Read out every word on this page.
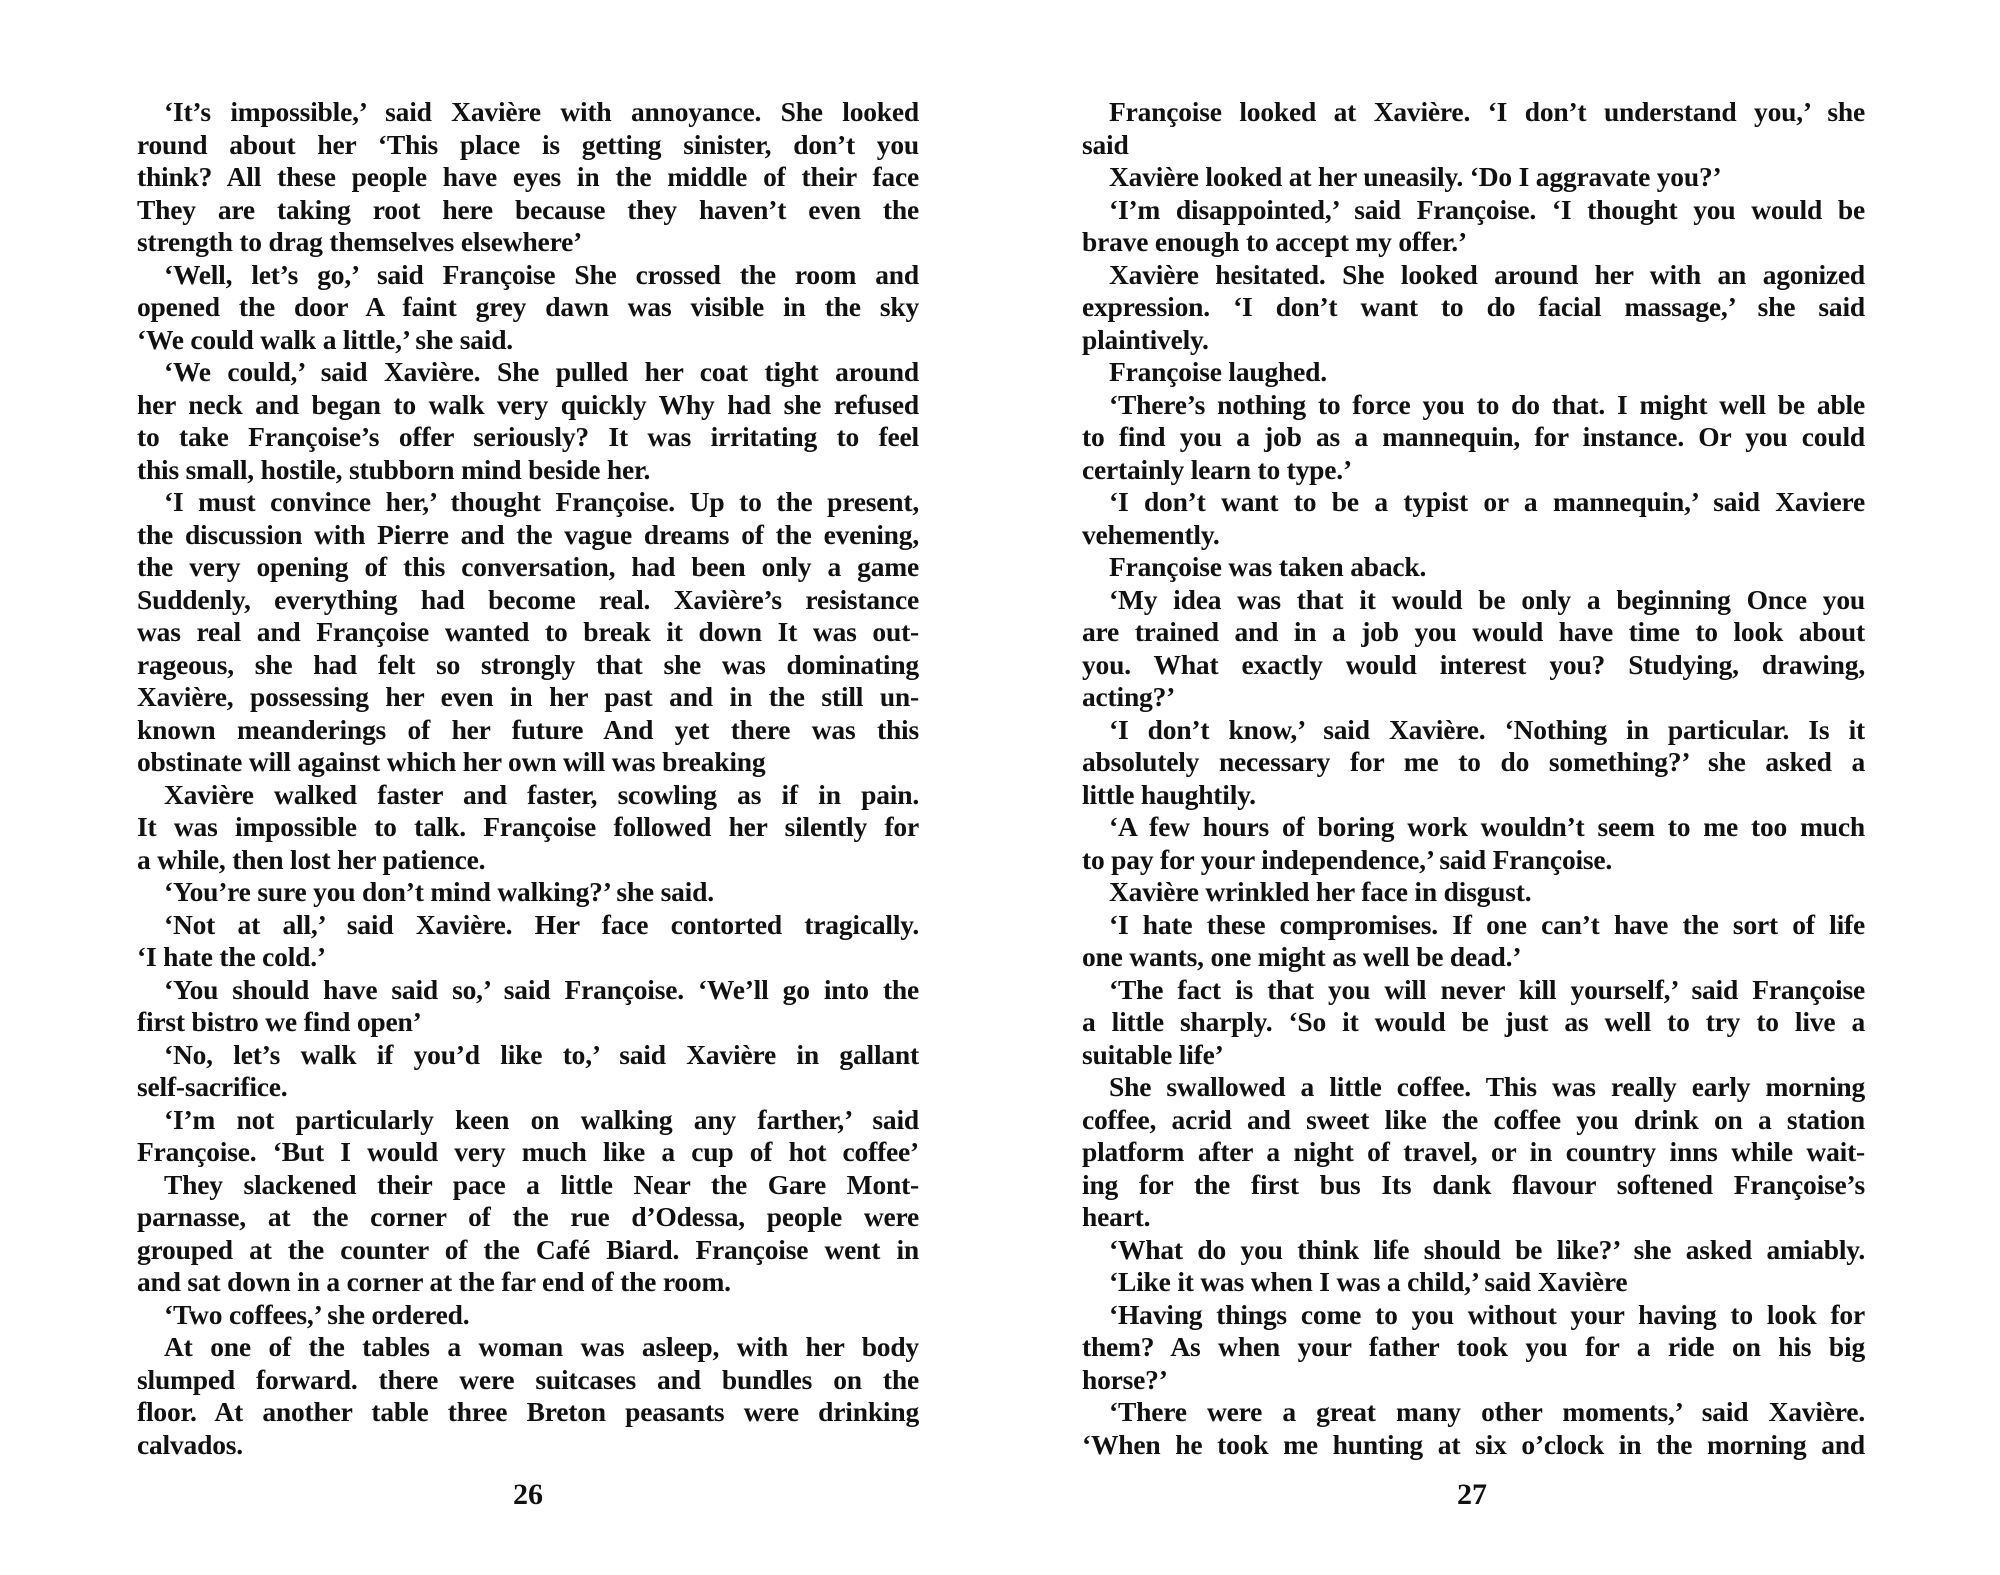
‘It’s impossible,’ said Xavière with annoyance. She looked
round about her ‘This place is getting sinister, don’t you
think? All these people have eyes in the middle of their face
They are taking root here because they haven’t even the
strength to drag themselves elsewhere’
‘Well, let’s go,’ said Françoise She crossed the room and
opened the door A faint grey dawn was visible in the sky
‘We could walk a little,’ she said.
‘We could,’ said Xavière. She pulled her coat tight around
her neck and began to walk very quickly Why had she refused
to take Françoise’s offer seriously? It was irritating to feel
this small, hostile, stubborn mind beside her.
‘I must convince her,’ thought Françoise. Up to the present,
the discussion with Pierre and the vague dreams of the evening,
the very opening of this conversation, had been only a game
Suddenly, everything had become real. Xavière’s resistance
was real and Françoise wanted to break it down It was out-
rageous, she had felt so strongly that she was dominating
Xavière, possessing her even in her past and in the still un-
known meanderings of her future And yet there was this
obstinate will against which her own will was breaking
Xavière walked faster and faster, scowling as if in pain.
It was impossible to talk. Françoise followed her silently for
a while, then lost her patience.
‘You’re sure you don’t mind walking?’ she said.
‘Not at all,’ said Xavière. Her face contorted tragically.
‘I hate the cold.’
‘You should have said so,’ said Françoise. ‘We’ll go into the
first bistro we find open’
‘No, let’s walk if you’d like to,’ said Xavière in gallant
self-sacrifice.
‘I’m not particularly keen on walking any farther,’ said
Françoise. ‘But I would very much like a cup of hot coffee’
They slackened their pace a little Near the Gare Mont-
parnasse, at the corner of the rue d’Odessa, people were
grouped at the counter of the Café Biard. Françoise went in
and sat down in a corner at the far end of the room.
‘Two coffees,’ she ordered.
At one of the tables a woman was asleep, with her body
slumped forward. there were suitcases and bundles on the
floor. At another table three Breton peasants were drinking
calvados.
26
Françoise looked at Xavière. ‘I don’t understand you,’ she
said
Xavière looked at her uneasily. ‘Do I aggravate you?’
‘I’m disappointed,’ said Françoise. ‘I thought you would be
brave enough to accept my offer.’
Xavière hesitated. She looked around her with an agonized
expression. ‘I don’t want to do facial massage,’ she said
plaintively.
Françoise laughed.
‘There’s nothing to force you to do that. I might well be able
to find you a job as a mannequin, for instance. Or you could
certainly learn to type.’
‘I don’t want to be a typist or a mannequin,’ said Xaviere
vehemently.
Françoise was taken aback.
‘My idea was that it would be only a beginning Once you
are trained and in a job you would have time to look about
you. What exactly would interest you? Studying, drawing,
acting?’
‘I don’t know,’ said Xavière. ‘Nothing in particular. Is it
absolutely necessary for me to do something?’ she asked a
little haughtily.
‘A few hours of boring work wouldn’t seem to me too much
to pay for your independence,’ said Françoise.
Xavière wrinkled her face in disgust.
‘I hate these compromises. If one can’t have the sort of life
one wants, one might as well be dead.’
‘The fact is that you will never kill yourself,’ said Françoise
a little sharply. ‘So it would be just as well to try to live a
suitable life’
She swallowed a little coffee. This was really early morning
coffee, acrid and sweet like the coffee you drink on a station
platform after a night of travel, or in country inns while wait-
ing for the first bus Its dank flavour softened Françoise’s
heart.
‘What do you think life should be like?’ she asked amiably.
‘Like it was when I was a child,’ said Xavière
‘Having things come to you without your having to look for
them? As when your father took you for a ride on his big
horse?’
‘There were a great many other moments,’ said Xavière.
‘When he took me hunting at six o’clock in the morning and
27
